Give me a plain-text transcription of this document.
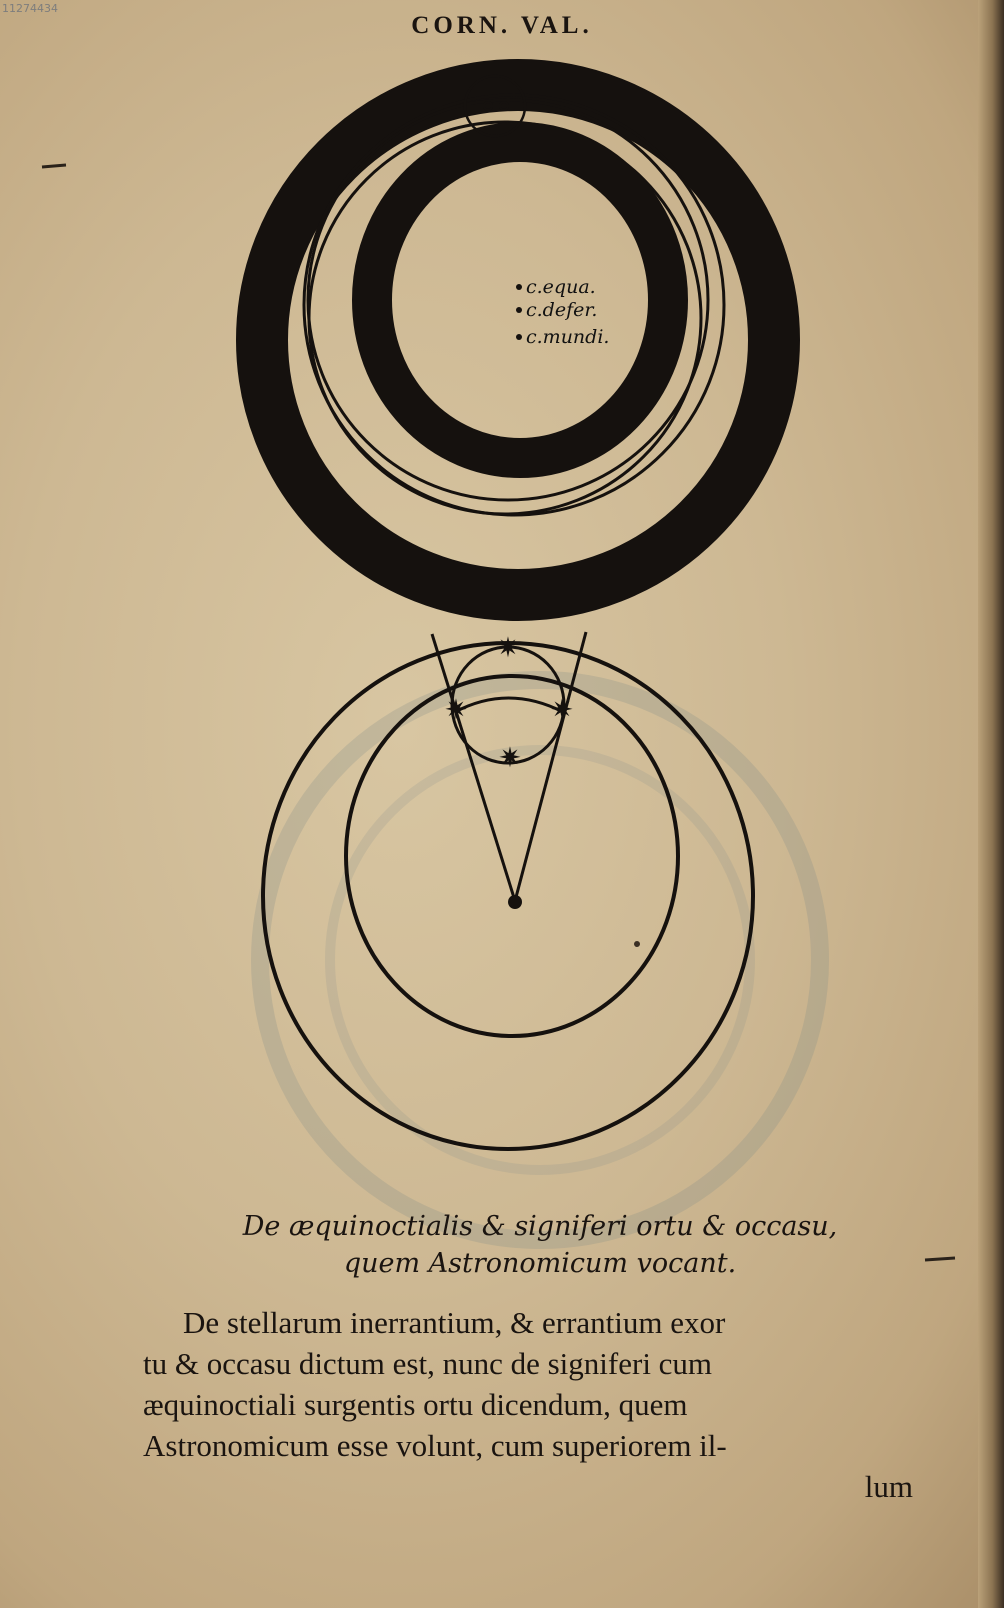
11274434
CORN. VAL.
c.equa.
c.defer.
c.mundi.
✷
✷	✷
✷
De æquinoctialis & signiferi ortu & occasu,
quem Astronomicum vocant.
De stellarum inerrantium, & errantium exor
tu & occasu dictum est, nunc de signiferi cum
æquinoctiali surgentis ortu dicendum, quem
Astronomicum esse volunt, cum superiorem il-
lum
